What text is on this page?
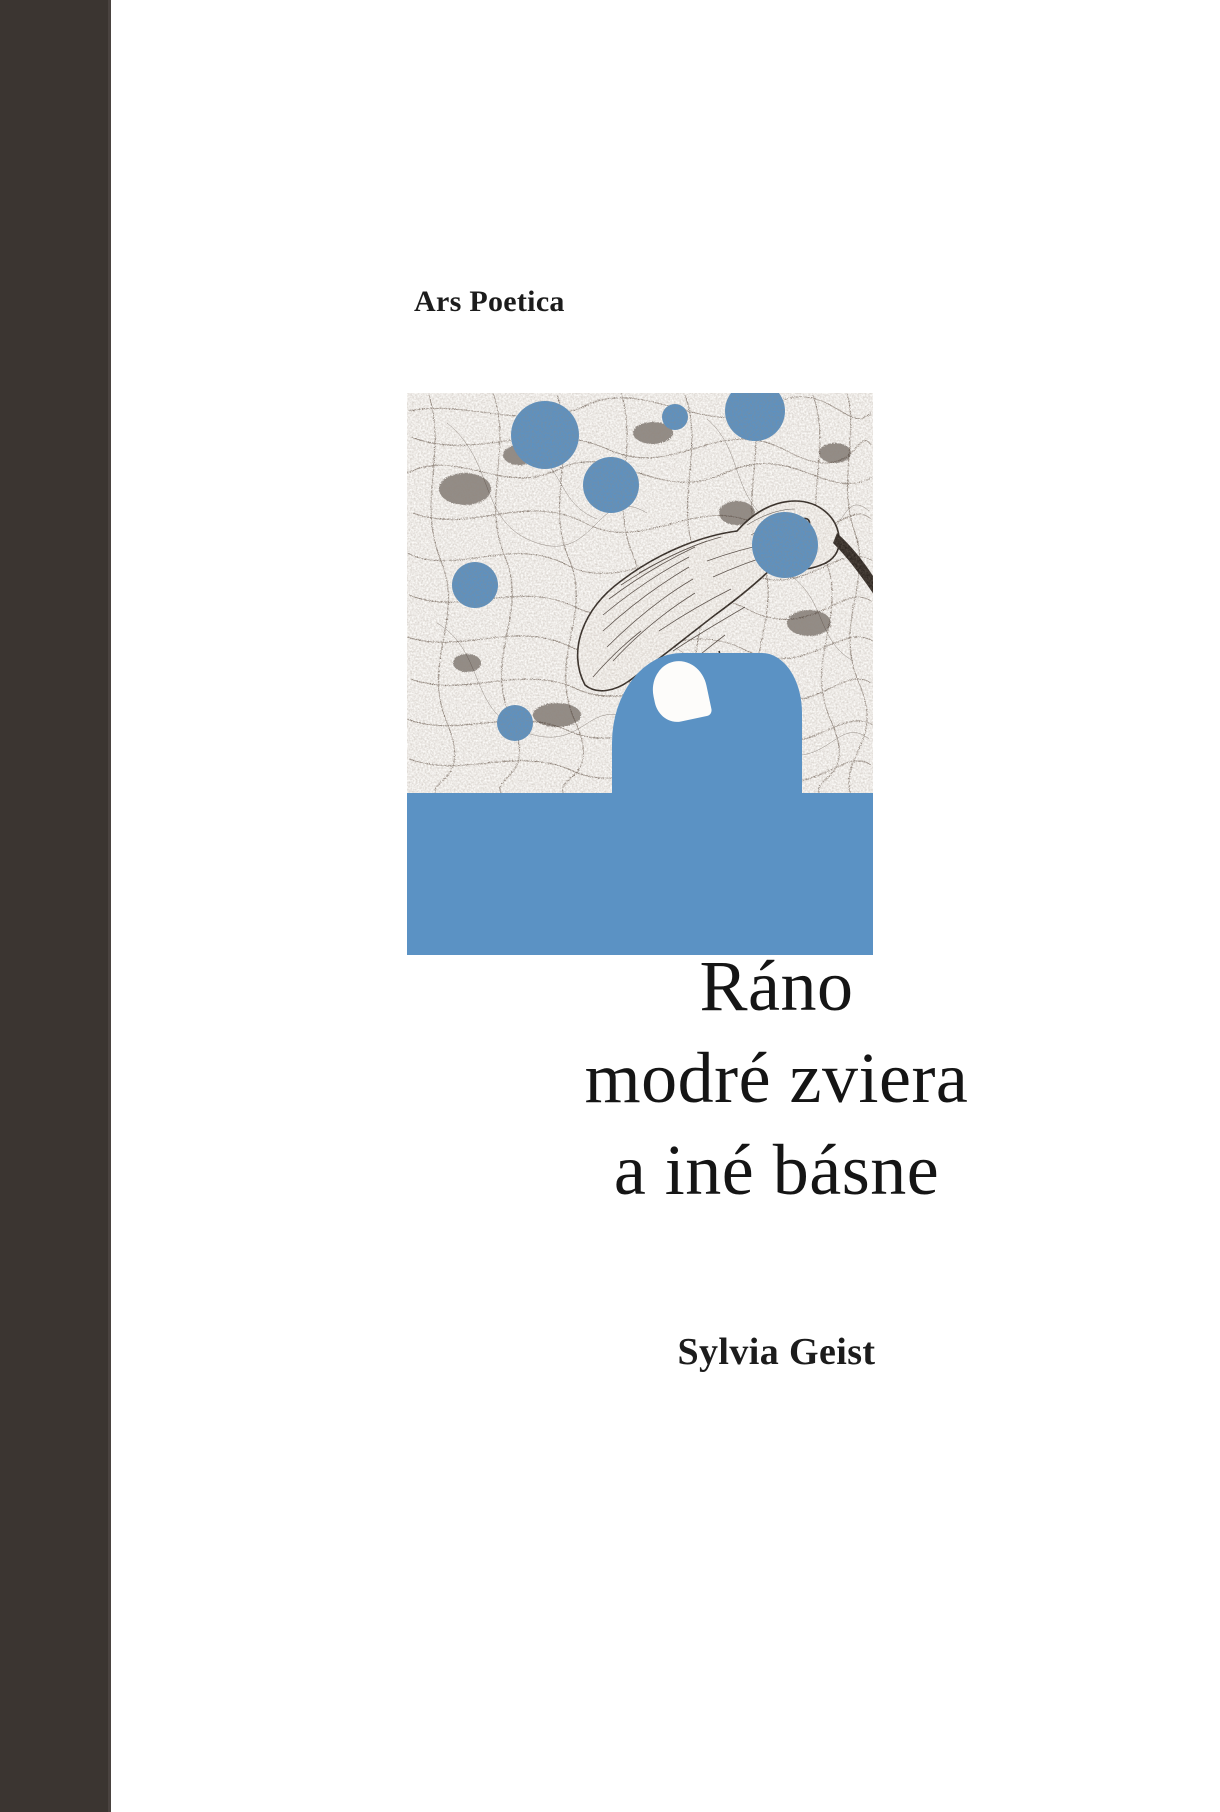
Ars Poetica
Ráno
modré zviera
a iné básne
Sylvia Geist
